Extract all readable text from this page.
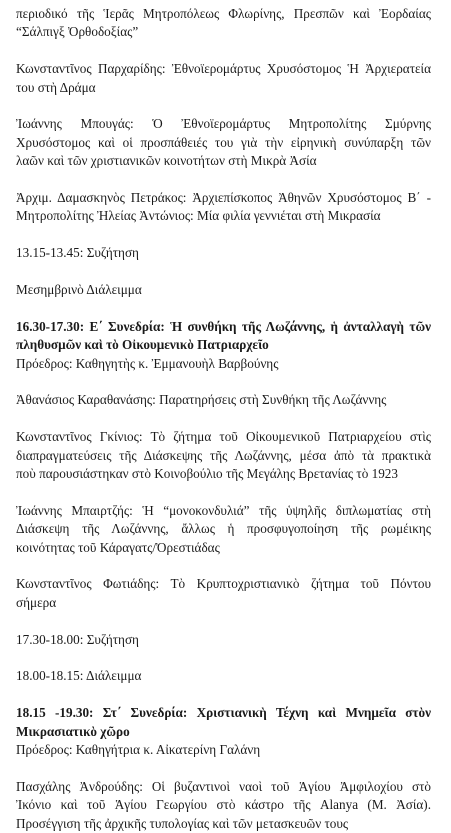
περιοδικό τῆς Ἱερᾶς Μητροπόλεως Φλωρίνης, Πρεσπῶν καὶ Ἐορδαίας

“Σάλπιγξ Ὀρθοδοξίας”

Κωνσταντῖνος Παρχαρίδης: Ἐθνοϊερομάρτυς Χρυσόστομος Ἡ Ἀρχιερατεία

του στὴ Δράμα

Ἰωάννης Μπουγάς: Ὁ Ἐθνοϊερομάρτυς Μητροπολίτης Σμύρνης

Χρυσόστομος καὶ οἱ προσπάθειές του γιὰ τὴν εἰρηνικὴ συνύπαρξη τῶν

λαῶν καὶ τῶν χριστιανικῶν κοινοτήτων στὴ Μικρὰ Ἀσία

Ἀρχιμ. Δαμασκηνὸς Πετράκος: Ἀρχιεπίσκοπος Ἀθηνῶν Χρυσόστομος Β΄ -

Μητροπολίτης Ἠλείας Ἀντώνιος: Μία φιλία γεννιέται στὴ Μικρασία

13.15-13.45: Συζήτηση

Μεσημβρινὸ Διάλειμμα

16.30-17.30: Ε΄ Συνεδρία: Ἡ συνθήκη τῆς Λωζάννης, ἡ ἀνταλλαγὴ τῶν

πληθυσμῶν καὶ τὸ Οἰκουμενικὸ Πατριαρχεῖο

Πρόεδρος: Καθηγητὴς κ. Ἐμμανουὴλ Βαρβούνης

Ἀθανάσιος Καραθανάσης: Παρατηρήσεις στὴ Συνθήκη τῆς Λωζάννης

Κωνσταντῖνος Γκίνιος: Τὸ ζήτημα τοῦ Οἰκουμενικοῦ Πατριαρχείου στὶς

διαπραγματεύσεις τῆς Διάσκεψης τῆς Λωζάννης, μέσα ἀπὸ τὰ πρακτικὰ

ποὺ παρουσιάστηκαν στὸ Κοινοβούλιο τῆς Μεγάλης Βρετανίας τὸ 1923

Ἰωάννης Μπαιρτζής: Ἡ “μονοκονδυλιά” τῆς ὑψηλῆς διπλωματίας στὴ

Διάσκεψη τῆς Λωζάννης, ἄλλως ἡ προσφυγοποίηση τῆς ρωμέικης

κοινότητας τοῦ Κάραγατς/Ὀρεστιάδας

Κωνσταντῖνος Φωτιάδης: Τὸ Κρυπτοχριστιανικὸ ζήτημα τοῦ Πόντου

σήμερα

17.30-18.00: Συζήτηση

18.00-18.15: Διάλειμμα

18.15 -19.30: Στ΄ Συνεδρία: Χριστιανικὴ Τέχνη καὶ Μνημεῖα στὸν

Μικρασιατικὸ χῶρο

Πρόεδρος: Καθηγήτρια κ. Αἰκατερίνη Γαλάνη

Πασχάλης Ἀνδρούδης: Οἱ βυζαντινοὶ ναοὶ τοῦ Ἁγίου Ἀμφιλοχίου στὸ

Ἰκόνιο καὶ τοῦ Ἁγίου Γεωργίου στὸ κάστρο τῆς Alanya (Μ. Ἀσία).

Προσέγγιση τῆς ἀρχικῆς τυπολογίας καὶ τῶν μετασκευῶν τους
